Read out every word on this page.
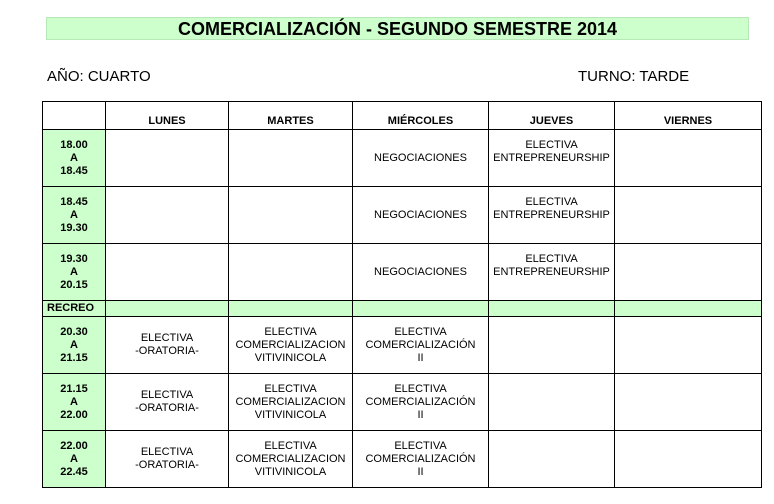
COMERCIALIZACIÓN - SEGUNDO SEMESTRE 2014
AÑO: CUARTO	TURNO: TARDE
	LUNES	MARTES	MIÉRCOLES	JUEVES	VIERNES

18.00
A
18.45			NEGOCIACIONES	ELECTIVA
ENTREPRENEURSHIP	

18.45
A
19.30			NEGOCIACIONES	ELECTIVA
ENTREPRENEURSHIP	

19.30
A
20.15			NEGOCIACIONES	ELECTIVA
ENTREPRENEURSHIP	

RECREO					

20.30
A
21.15	ELECTIVA
-ORATORIA-	ELECTIVA
COMERCIALIZACION
VITIVINICOLA	ELECTIVA
COMERCIALIZACIÓN
II		

21.15
A
22.00	ELECTIVA
-ORATORIA-	ELECTIVA
COMERCIALIZACION
VITIVINICOLA	ELECTIVA
COMERCIALIZACIÓN
II		

22.00
A
22.45	ELECTIVA
-ORATORIA-	ELECTIVA
COMERCIALIZACION
VITIVINICOLA	ELECTIVA
COMERCIALIZACIÓN
II		
